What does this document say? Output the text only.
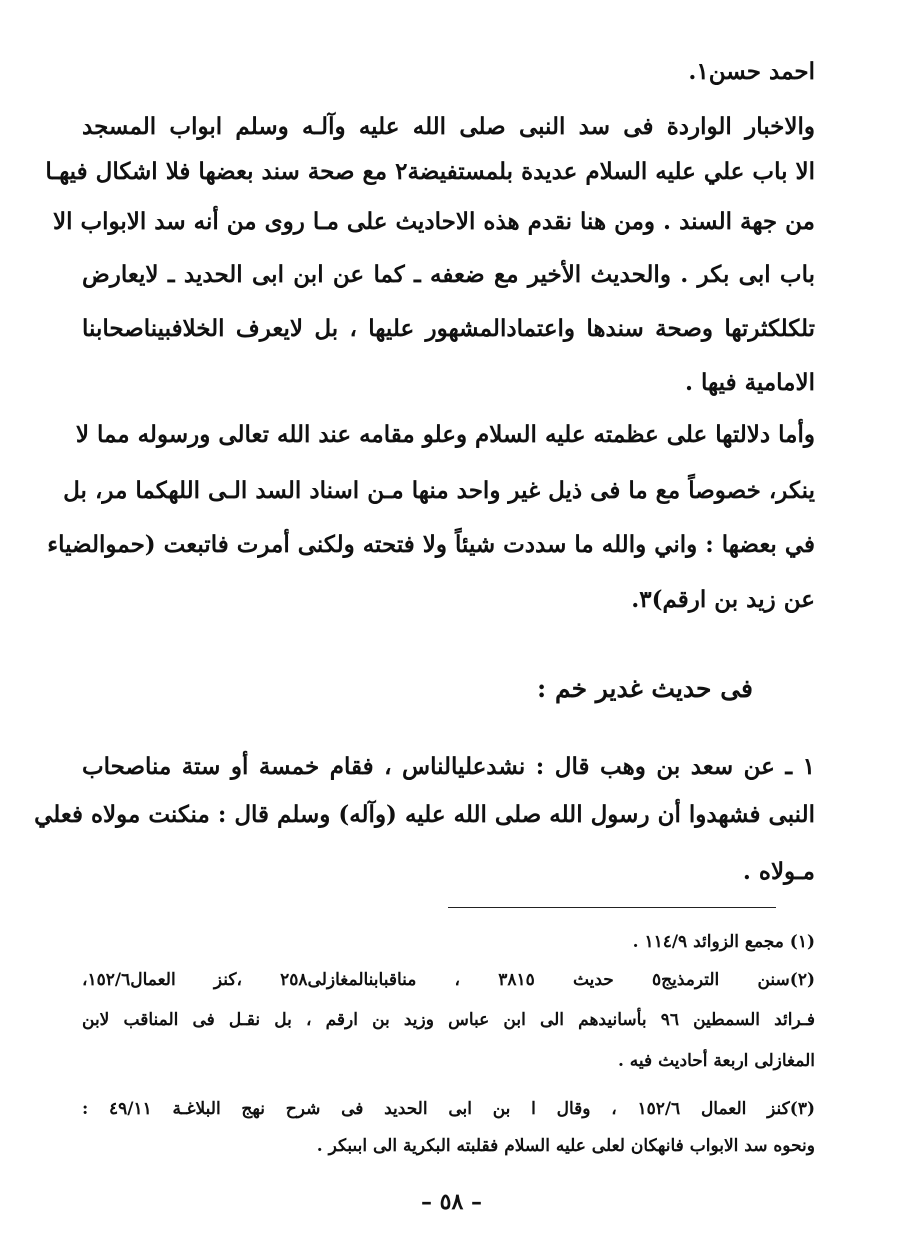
احمد حسن١.
والاخبار الواردة فى سد النبى صلى الله عليه وآلـه وسلم ابواب المسجد
الا باب علي عليه السلام عديدة بلمستفيضة٢ مع صحة سند بعضها فلا اشكال فيهـا
من جهة السند . ومن هنا نقدم هذه الاحاديث على مـا روى من أنه سد الابواب الا
باب ابى بكر . والحديث الأخير مع ضعفه ـ كما عن ابن ابى الحديد ـ لايعارض
تلكلكثرتها وصحة سندها واعتمادالمشهور عليها ، بل لايعرف الخلافبيناصحابنا
الامامية فيها .
وأما دلالتها على عظمته عليه السلام وعلو مقامه عند الله تعالى ورسوله مما لا
ينكر، خصوصاً مع ما فى ذيل غير واحد منها مـن اسناد السد الـى اللهكما مر، بل
في بعضها : واني والله ما سددت شيئاً ولا فتحته ولكنى أمرت فاتبعت (حموالضياء
عن زيد بن ارقم)٣.
فى حديث غدير خم :
١ ـ عن سعد بن وهب قال : نشدعليالناس ، فقام خمسة أو ستة مناصحاب
النبى فشهدوا أن رسول الله صلى الله عليه (وآله) وسلم قال : منكنت مولاه فعلي
مـولاه .
(١) مجمع الزوائد ١١٤/٩ .
(٢)سنن الترمذيج٥ حديث ٣٨١٥ ، مناقبابنالمغازلى٢٥٨ ،كنز العمال١٥٢/٦،
فـرائد السمطين ٩٦ بأسانيدهم الى ابن عباس وزيد بن ارقم ، بل نقـل فى المناقب لابن
المغازلى اربعة أحاديث فيه .
(٣)كنز العمال ١٥٢/٦ ، وقال ا بن ابى الحديد فى شرح نهج البلاغـة ٤٩/١١ :
ونحوه سد الابواب فانهكان لعلى عليه السلام فقلبته البكرية الى ابىبكر .
– ٥٨ –
